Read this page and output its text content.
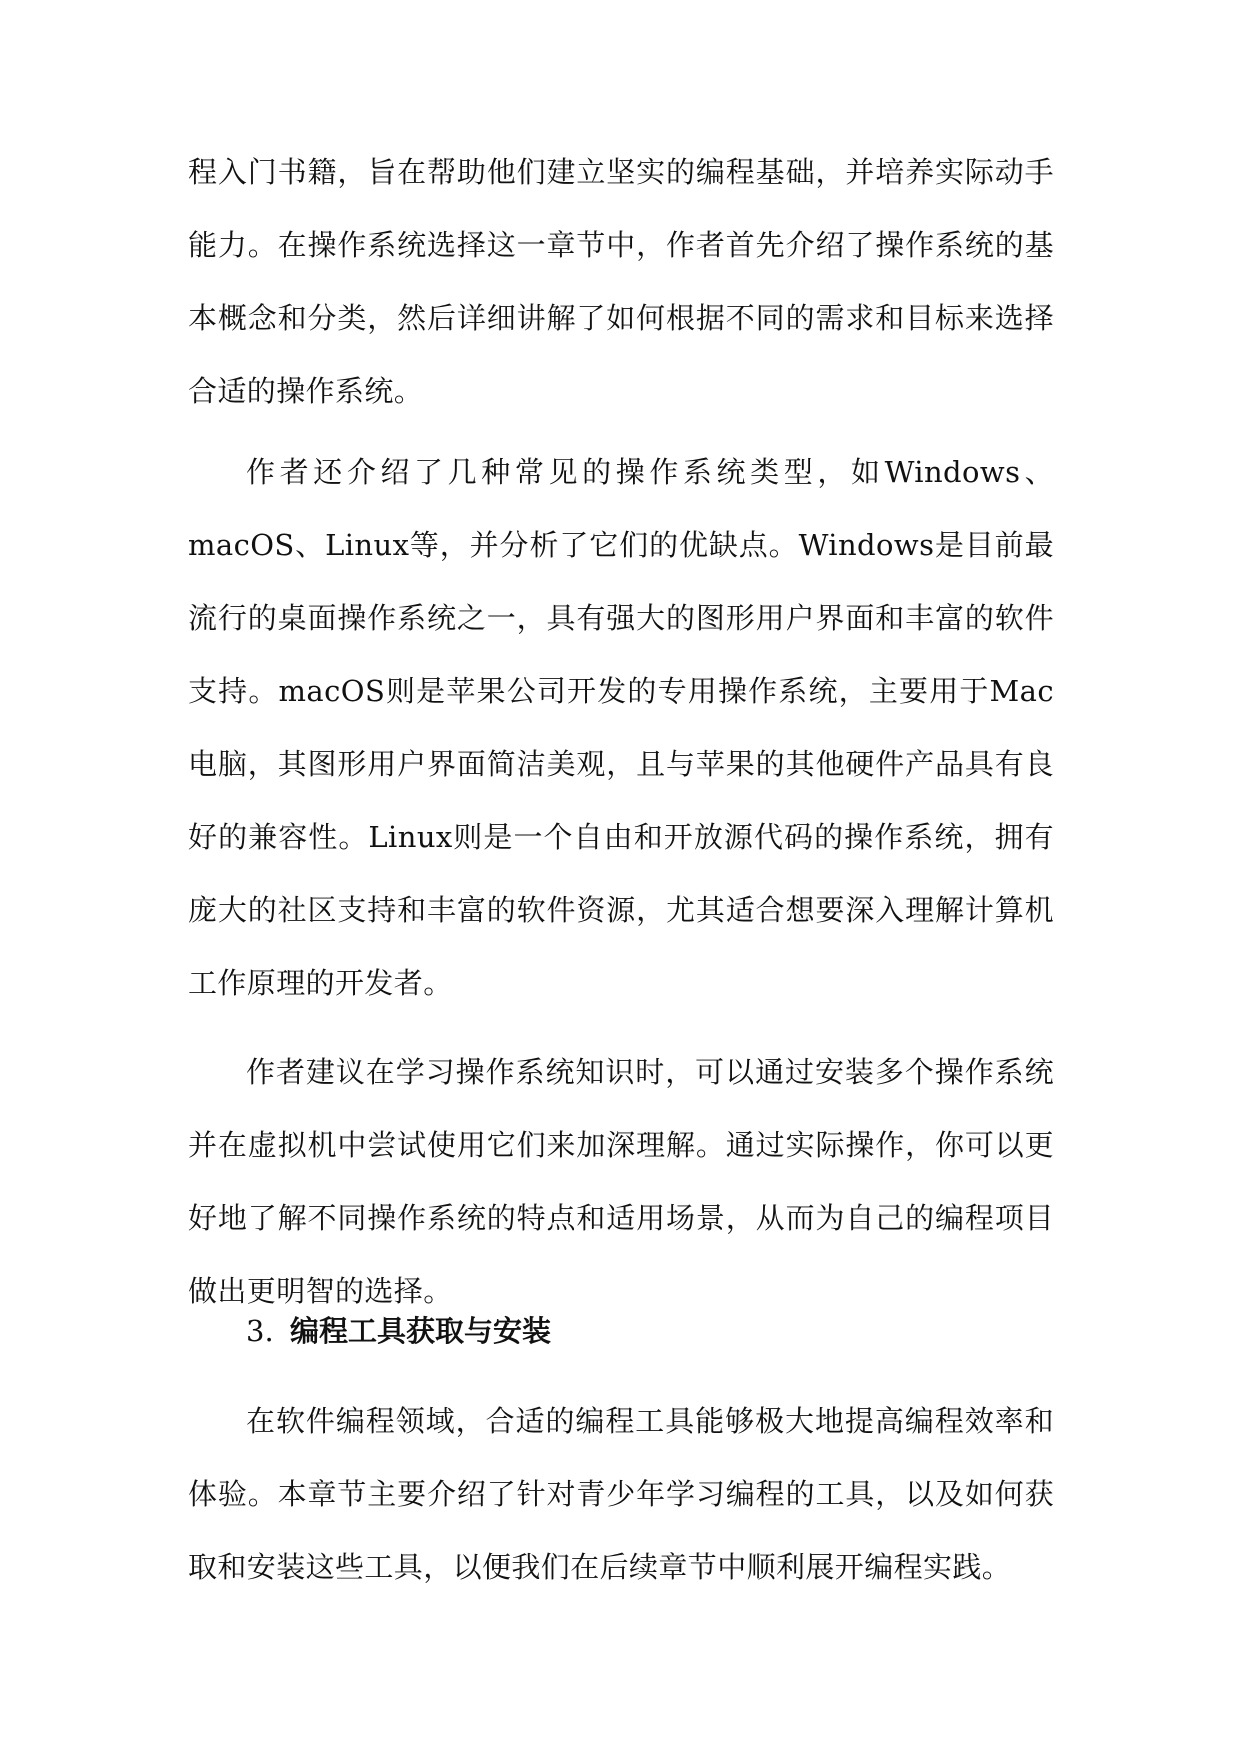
程入门书籍，旨在帮助他们建立坚实的编程基础，并培养实际动手能力。在操作系统选择这一章节中，作者首先介绍了操作系统的基本概念和分类，然后详细讲解了如何根据不同的需求和目标来选择合适的操作系统。

作者还介绍了几种常见的操作系统类型，如Windows、macOS、Linux等，并分析了它们的优缺点。Windows是目前最流行的桌面操作系统之一，具有强大的图形用户界面和丰富的软件支持。macOS则是苹果公司开发的专用操作系统，主要用于Mac电脑，其图形用户界面简洁美观，且与苹果的其他硬件产品具有良好的兼容性。Linux则是一个自由和开放源代码的操作系统，拥有庞大的社区支持和丰富的软件资源，尤其适合想要深入理解计算机工作原理的开发者。

作者建议在学习操作系统知识时，可以通过安装多个操作系统并在虚拟机中尝试使用它们来加深理解。通过实际操作，你可以更好地了解不同操作系统的特点和适用场景，从而为自己的编程项目做出更明智的选择。

3. 编程工具获取与安装

在软件编程领域，合适的编程工具能够极大地提高编程效率和体验。本章节主要介绍了针对青少年学习编程的工具，以及如何获取和安装这些工具，以便我们在后续章节中顺利展开编程实践。
